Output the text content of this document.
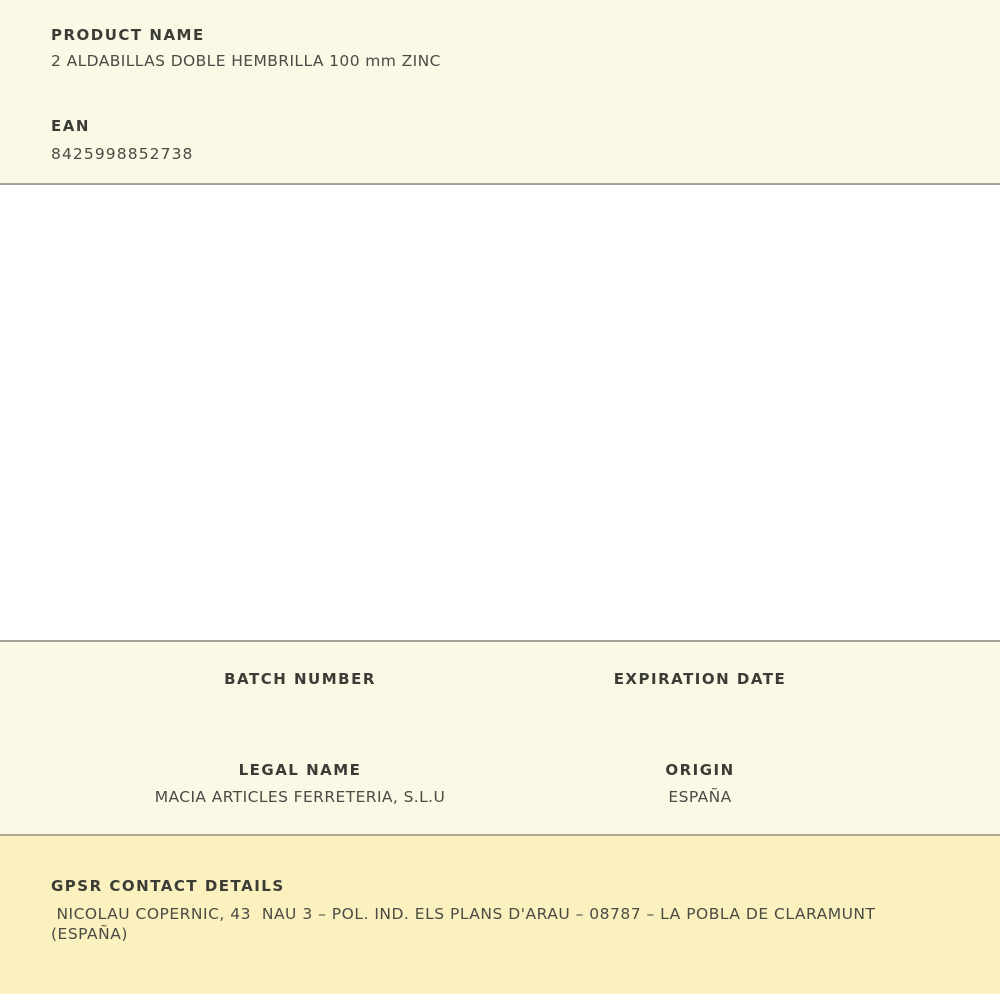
PRODUCT NAME
2 ALDABILLAS DOBLE HEMBRILLA 100 mm ZINC
EAN
8425998852738
BATCH NUMBER	EXPIRATION DATE
LEGAL NAME
MACIA ARTICLES FERRETERIA, S.L.U
ORIGIN
ESPAÑA
GPSR CONTACT DETAILS
NICOLAU COPERNIC, 43  NAU 3 – POL. IND. ELS PLANS D'ARAU – 08787 – LA POBLA DE CLARAMUNT (ESPAÑA)
